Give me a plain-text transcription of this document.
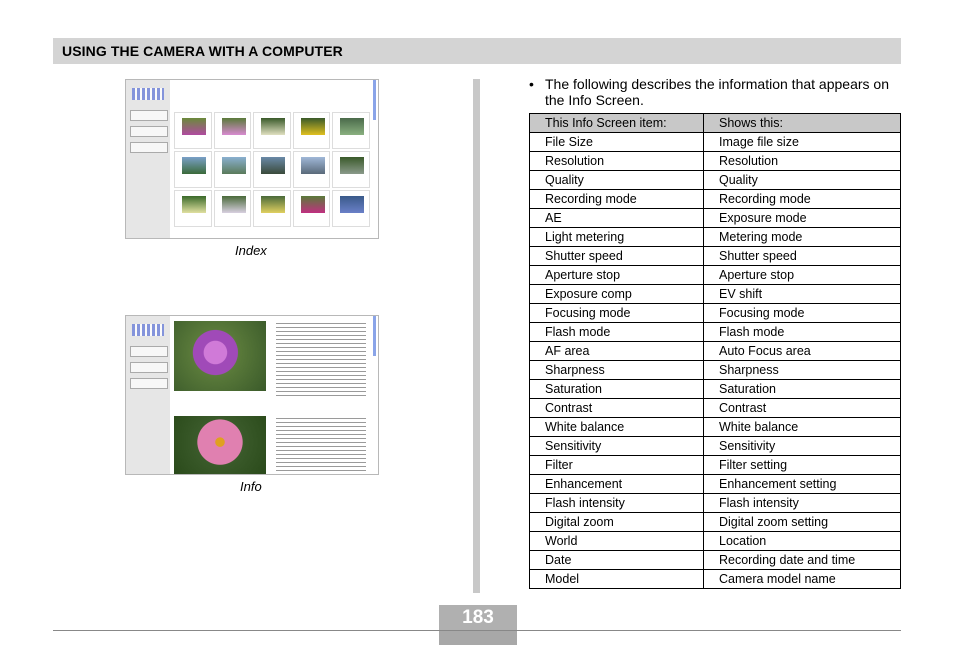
USING THE CAMERA WITH A COMPUTER
Index
Info
• The following describes the information that appears on the Info Screen.
This Info Screen item:	Shows this:
File Size	Image file size
Resolution	Resolution
Quality	Quality
Recording mode	Recording mode
AE	Exposure mode
Light metering	Metering mode
Shutter speed	Shutter speed
Aperture stop	Aperture stop
Exposure comp	EV shift
Focusing mode	Focusing mode
Flash mode	Flash mode
AF area	Auto Focus area
Sharpness	Sharpness
Saturation	Saturation
Contrast	Contrast
White balance	White balance
Sensitivity	Sensitivity
Filter	Filter setting
Enhancement	Enhancement setting
Flash intensity	Flash intensity
Digital zoom	Digital zoom setting
World	Location
Date	Recording date and time
Model	Camera model name
183
